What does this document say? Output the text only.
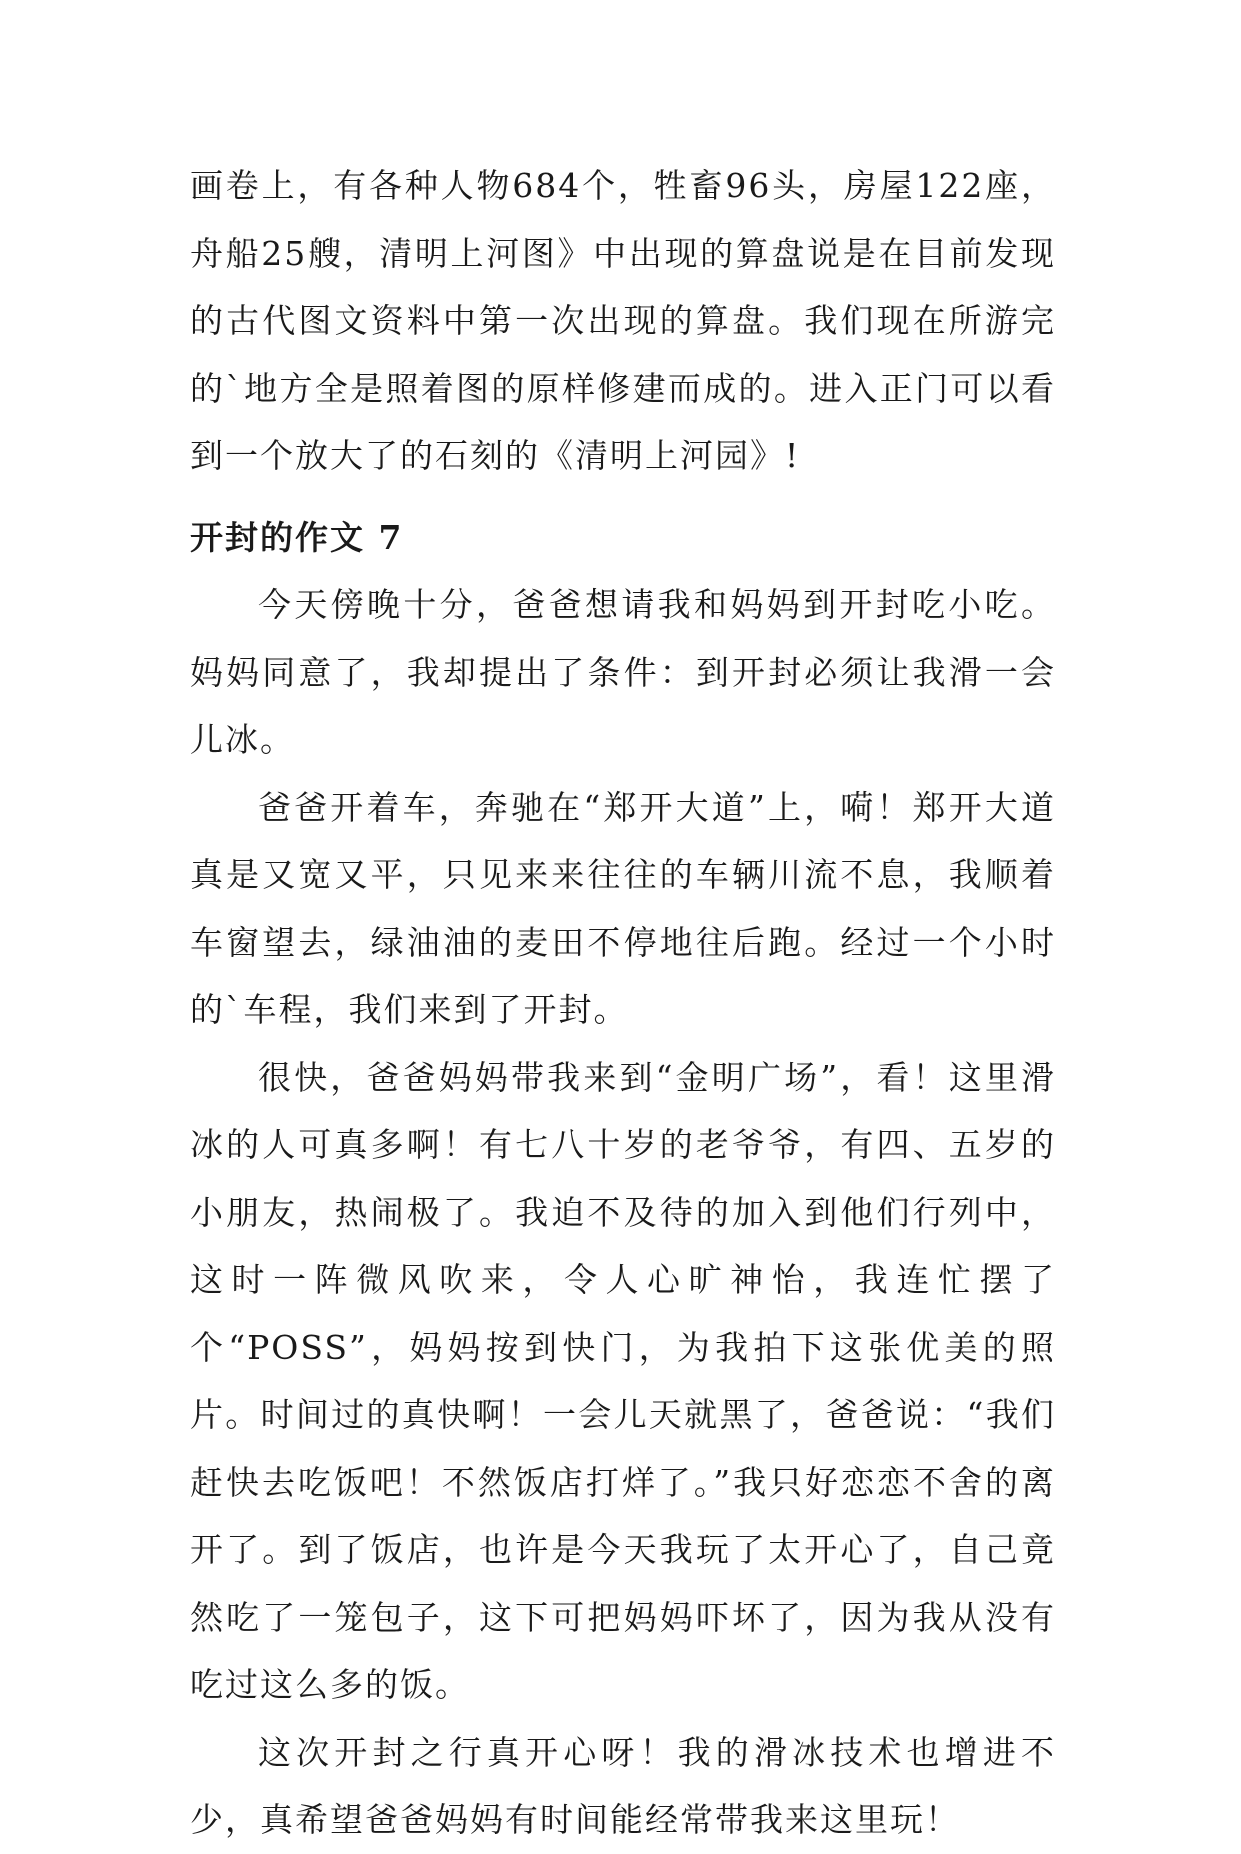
画卷上，有各种人物684个，牲畜96头，房屋122座，舟船25艘，清明上河图》中出现的算盘说是在目前发现的古代图文资料中第一次出现的算盘。我们现在所游完的`地方全是照着图的原样修建而成的。进入正门可以看到一个放大了的石刻的《清明上河园》!

开封的作文 7

今天傍晚十分，爸爸想请我和妈妈到开封吃小吃。妈妈同意了，我却提出了条件：到开封必须让我滑一会儿冰。

爸爸开着车，奔驰在“郑开大道”上，嗬！郑开大道真是又宽又平，只见来来往往的车辆川流不息，我顺着车窗望去，绿油油的麦田不停地往后跑。经过一个小时的`车程，我们来到了开封。

很快，爸爸妈妈带我来到“金明广场”，看！这里滑冰的人可真多啊！有七八十岁的老爷爷，有四、五岁的小朋友，热闹极了。我迫不及待的加入到他们行列中，这时一阵微风吹来，令人心旷神怡，我连忙摆了个“POSS”，妈妈按到快门，为我拍下这张优美的照片。时间过的真快啊！一会儿天就黑了，爸爸说：“我们赶快去吃饭吧！不然饭店打烊了。”我只好恋恋不舍的离开了。到了饭店，也许是今天我玩了太开心了，自己竟然吃了一笼包子，这下可把妈妈吓坏了，因为我从没有吃过这么多的饭。

这次开封之行真开心呀！我的滑冰技术也增进不少，真希望爸爸妈妈有时间能经常带我来这里玩！
